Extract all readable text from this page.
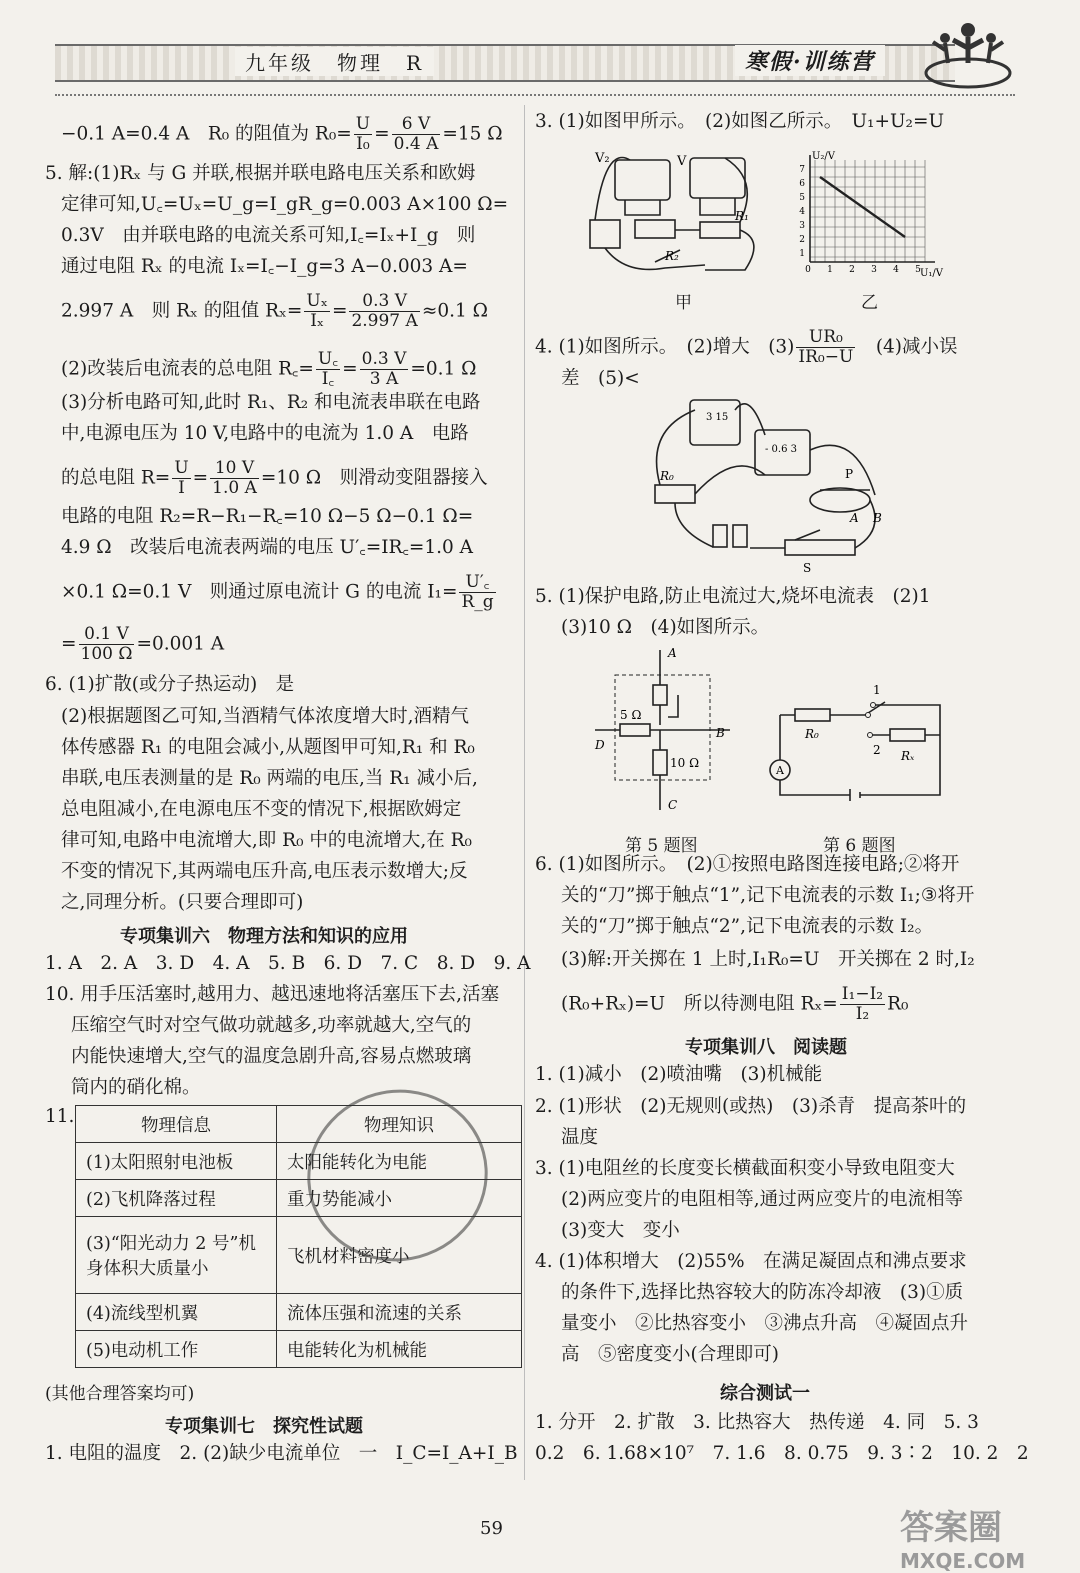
九年级　物理　R	寒假·训练营
−0.1 A=0.4 A　R₀ 的阻值为 $R_0= \frac{U}{\text{I₀}} = \frac{6 V}{0.4 A} =15$ Ω
5. 解:(1)Rₓ 与 G 并联,根据并联电路电压关系和欧姆
定律可知,U꜀=Uₓ=U_g=I_gR_g=0.003 A×100 Ω=
0.3V　由并联电路的电流关系可知,I꜀=Iₓ+I_g　则
通过电阻 Rₓ 的电流 Iₓ=I꜀−I_g=3 A−0.003 A=
2.997 A　则 Rₓ 的阻值 $R_x= \frac{\text{Uₓ}}{\text{Iₓ}} = \frac{0.3 V}{2.997 A} \approx 0.1$ Ω
(2)改装后电流表的总电阻 R꜀= $\frac{U꜀}{I꜀} = \frac{0.3 V}{3 A} =0.1$ Ω
(3)分析电路可知,此时 R₁、R₂ 和电流表串联在电路
中,电源电压为 10 V,电路中的电流为 1.0 A　电路
的总电阻 $R= \frac{U}{I} = \frac{10 V}{1.0 A} =10$ Ω　则滑动变阻器接入
电路的电阻 R₂=R−R₁−R꜀=10 Ω−5 Ω−0.1 Ω=
4.9 Ω　改装后电流表两端的电压 U′꜀=IR꜀=1.0 A
×0.1 Ω=0.1 V　则通过原电流计 G 的电流 $I_1= \frac{U'꜀}{R\_g}$
= $\frac{0.1 V}{100 \Omega} =0.001$ A
6. (1)扩散(或分子热运动)　是
(2)根据题图乙可知,当酒精气体浓度增大时,酒精气
体传感器 R₁ 的电阻会减小,从题图甲可知,R₁ 和 R₀
串联,电压表测量的是 R₀ 两端的电压,当 R₁ 减小后,
总电阻减小,在电源电压不变的情况下,根据欧姆定
律可知,电路中电流增大,即 R₀ 中的电流增大,在 R₀
不变的情况下,其两端电压升高,电压表示数增大;反
之,同理分析。(只要合理即可)
专项集训六　物理方法和知识的应用
1. A　2. A　3. D　4. A　5. B　6. D　7. C　8. D　9. A
10. 用手压活塞时,越用力、越迅速地将活塞压下去,活塞
压缩空气时对空气做功就越多,功率就越大,空气的
内能快速增大,空气的温度急剧升高,容易点燃玻璃
筒内的硝化棉。
11.	物理信息	物理知识
(1)太阳照射电池板	太阳能转化为电能
(2)飞机降落过程	重力势能减小
(3)“阳光动力 2 号”机身体积大质量小	飞机材料密度小
(4)流线型机翼	流体压强和流速的关系
(5)电动机工作	电能转化为机械能
(其他合理答案均可)
专项集训七　探究性试题
1. 电阻的温度　2. (2)缺少电流单位　一　I_C=I_A+I_B
3. (1)如图甲所示。　(2)如图乙所示。　U₁+U₂=U
V₂	V
R₁
R₂
甲
U₂/V
U₁/V
1
2
3
4
5
6
7
0 1 2 3 4 5
乙
4. (1)如图所示。　(2)增大　$(3) \frac{\text{UR₀}}{\text{IR₀−U}}$ 　(4)减小误
差　(5)<
3 15
- 0.6 3
R₀	P
A B
S
5. (1)保护电路,防止电流过大,烧坏电流表　(2)1
(3)10 Ω　(4)如图所示。
A
B
C
D
5 Ω
10 Ω
第 5 题图
A
1
2
R₀
Rₓ
第 6 题图
6. (1)如图所示。　(2)①按照电路图连接电路;②将开
关的“刀”掷于触点“1”,记下电流表的示数 I₁;③将开
关的“刀”掷于触点“2”,记下电流表的示数 I₂。
(3)解:开关掷在 1 上时,I₁R₀=U　开关掷在 2 时,I₂
(R₀+Rₓ)=U　所以待测电阻 $R_x= \frac{\text{I₁−I₂}}{\text{I₂}} R_0$
专项集训八　阅读题
1. (1)减小　(2)喷油嘴　(3)机械能
2. (1)形状　(2)无规则(或热)　(3)杀青　提高茶叶的
温度
3. (1)电阻丝的长度变长横截面积变小导致电阻变大
(2)两应变片的电阻相等,通过两应变片的电流相等
(3)变大　变小
4. (1)体积增大　(2)55%　在满足凝固点和沸点要求
的条件下,选择比热容较大的防冻冷却液　(3)①质
量变小　②比热容变小　③沸点升高　④凝固点升
高　⑤密度变小(合理即可)
综合测试一
1. 分开　2. 扩散　3. 比热容大　热传递　4. 同　5. 3
0.2　6. 1.68×10⁷　7. 1.6　8. 0.75　9. 3∶2　10. 2　2
59	答案圈
MXQE.COM
